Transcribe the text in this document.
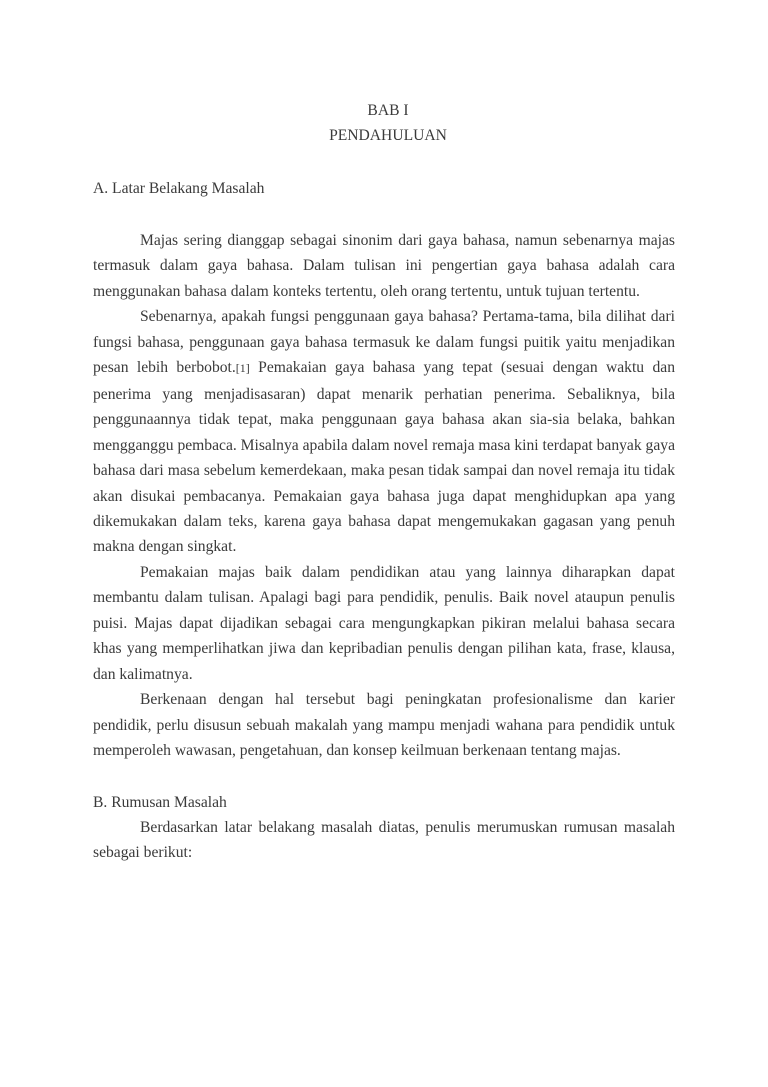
BAB I
PENDAHULUAN

A. Latar Belakang Masalah

Majas sering dianggap sebagai sinonim dari gaya bahasa, namun sebenarnya majas termasuk dalam gaya bahasa. Dalam tulisan ini pengertian gaya bahasa adalah cara menggunakan bahasa dalam konteks tertentu, oleh orang tertentu, untuk tujuan tertentu.

Sebenarnya, apakah fungsi penggunaan gaya bahasa? Pertama-tama, bila dilihat dari fungsi bahasa, penggunaan gaya bahasa termasuk ke dalam fungsi puitik yaitu menjadikan pesan lebih berbobot.[1] Pemakaian gaya bahasa yang tepat (sesuai dengan waktu dan penerima yang menjadisasaran) dapat menarik perhatian penerima. Sebaliknya, bila penggunaannya tidak tepat, maka penggunaan gaya bahasa akan sia-sia belaka, bahkan mengganggu pembaca. Misalnya apabila dalam novel remaja masa kini terdapat banyak gaya bahasa dari masa sebelum kemerdekaan, maka pesan tidak sampai dan novel remaja itu tidak akan disukai pembacanya. Pemakaian gaya bahasa juga dapat menghidupkan apa yang dikemukakan dalam teks, karena gaya bahasa dapat mengemukakan gagasan yang penuh makna dengan singkat.

Pemakaian majas baik dalam pendidikan atau yang lainnya diharapkan dapat membantu dalam tulisan. Apalagi bagi para pendidik, penulis. Baik novel ataupun penulis puisi. Majas dapat dijadikan sebagai cara mengungkapkan pikiran melalui bahasa secara khas yang memperlihatkan jiwa dan kepribadian penulis dengan pilihan kata, frase, klausa, dan kalimatnya.

Berkenaan dengan hal tersebut bagi peningkatan profesionalisme dan karier pendidik, perlu disusun sebuah makalah yang mampu menjadi wahana para pendidik untuk memperoleh wawasan, pengetahuan, dan konsep keilmuan berkenaan tentang majas.

B. Rumusan Masalah

Berdasarkan latar belakang masalah diatas, penulis merumuskan rumusan masalah sebagai berikut:
